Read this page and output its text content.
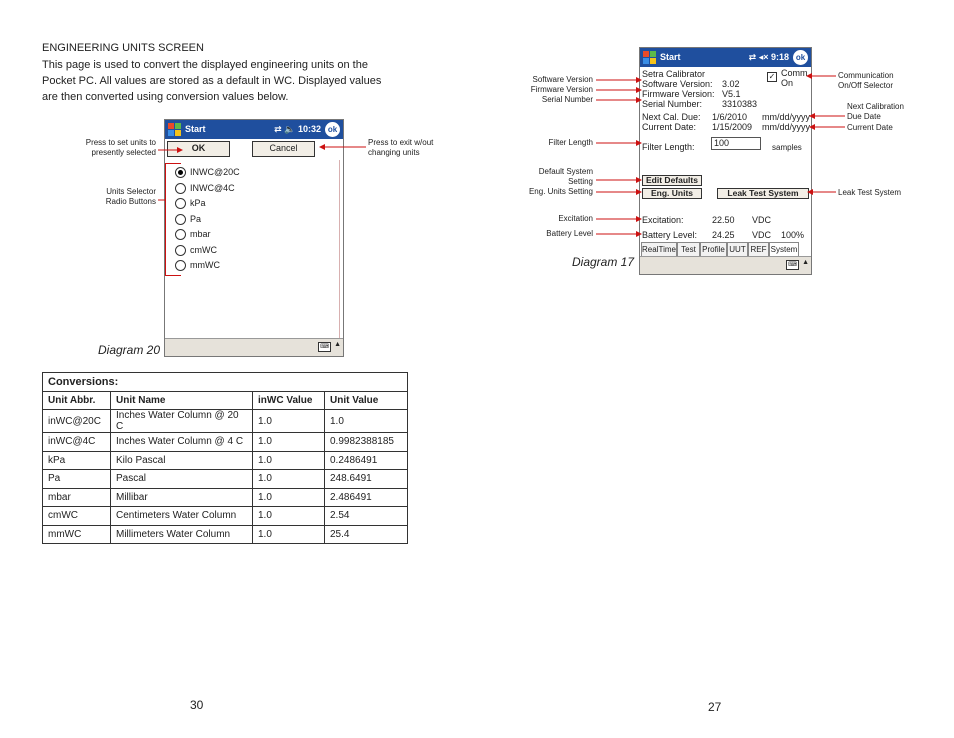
ENGINEERING UNITS SCREEN
This page is used to convert the displayed engineering units on the Pocket PC. All values are stored as a default in WC. Displayed values are then converted using conversion values below.
Start	⇄ 🔈 10:32 ok
OK	Cancel
INWC@20C
INWC@4C
kPa
Pa
mbar
cmWC
mmWC
⌨ ▲
Press to set units to presently selected
Press to exit w/out changing units
Units Selector Radio Buttons
Diagram 20
Conversions:			
Unit Abbr.	Unit Name	inWC Value	Unit Value
inWC@20C	Inches Water Column @ 20 C	1.0	1.0
inWC@4C	Inches Water Column @ 4 C	1.0	0.9982388185
kPa	Kilo Pascal	1.0	0.2486491
Pa	Pascal	1.0	248.6491
mbar	Millibar	1.0	2.486491
cmWC	Centimeters Water Column	1.0	2.54
mmWC	Millimeters Water Column	1.0	25.4
30
Start	⇄ ◂× 9:18 ok
Setra Calibrator
Software Version: 3.02
Firmware Version: V5.1
Serial Number: 3310383
✓ Comm
On
Next Cal. Due: 1/6/2010 mm/dd/yyyy
Current Date: 1/15/2009 mm/dd/yyyy
Filter Length:	100	samples
Edit Defaults
Eng. Units	Leak Test System
Excitation:	22.50 VDC
Battery Level: 24.25 VDC 100%
RealTime Test Profile UUT REF System
⌨ ▲
Software Version
Firmware Version
Serial Number
Filter Length
Default System Setting
Eng. Units Setting
Excitation
Battery Level
Communication On/Off Selector
Next Calibration Due Date
Current Date
Leak Test System
Diagram 17
27
